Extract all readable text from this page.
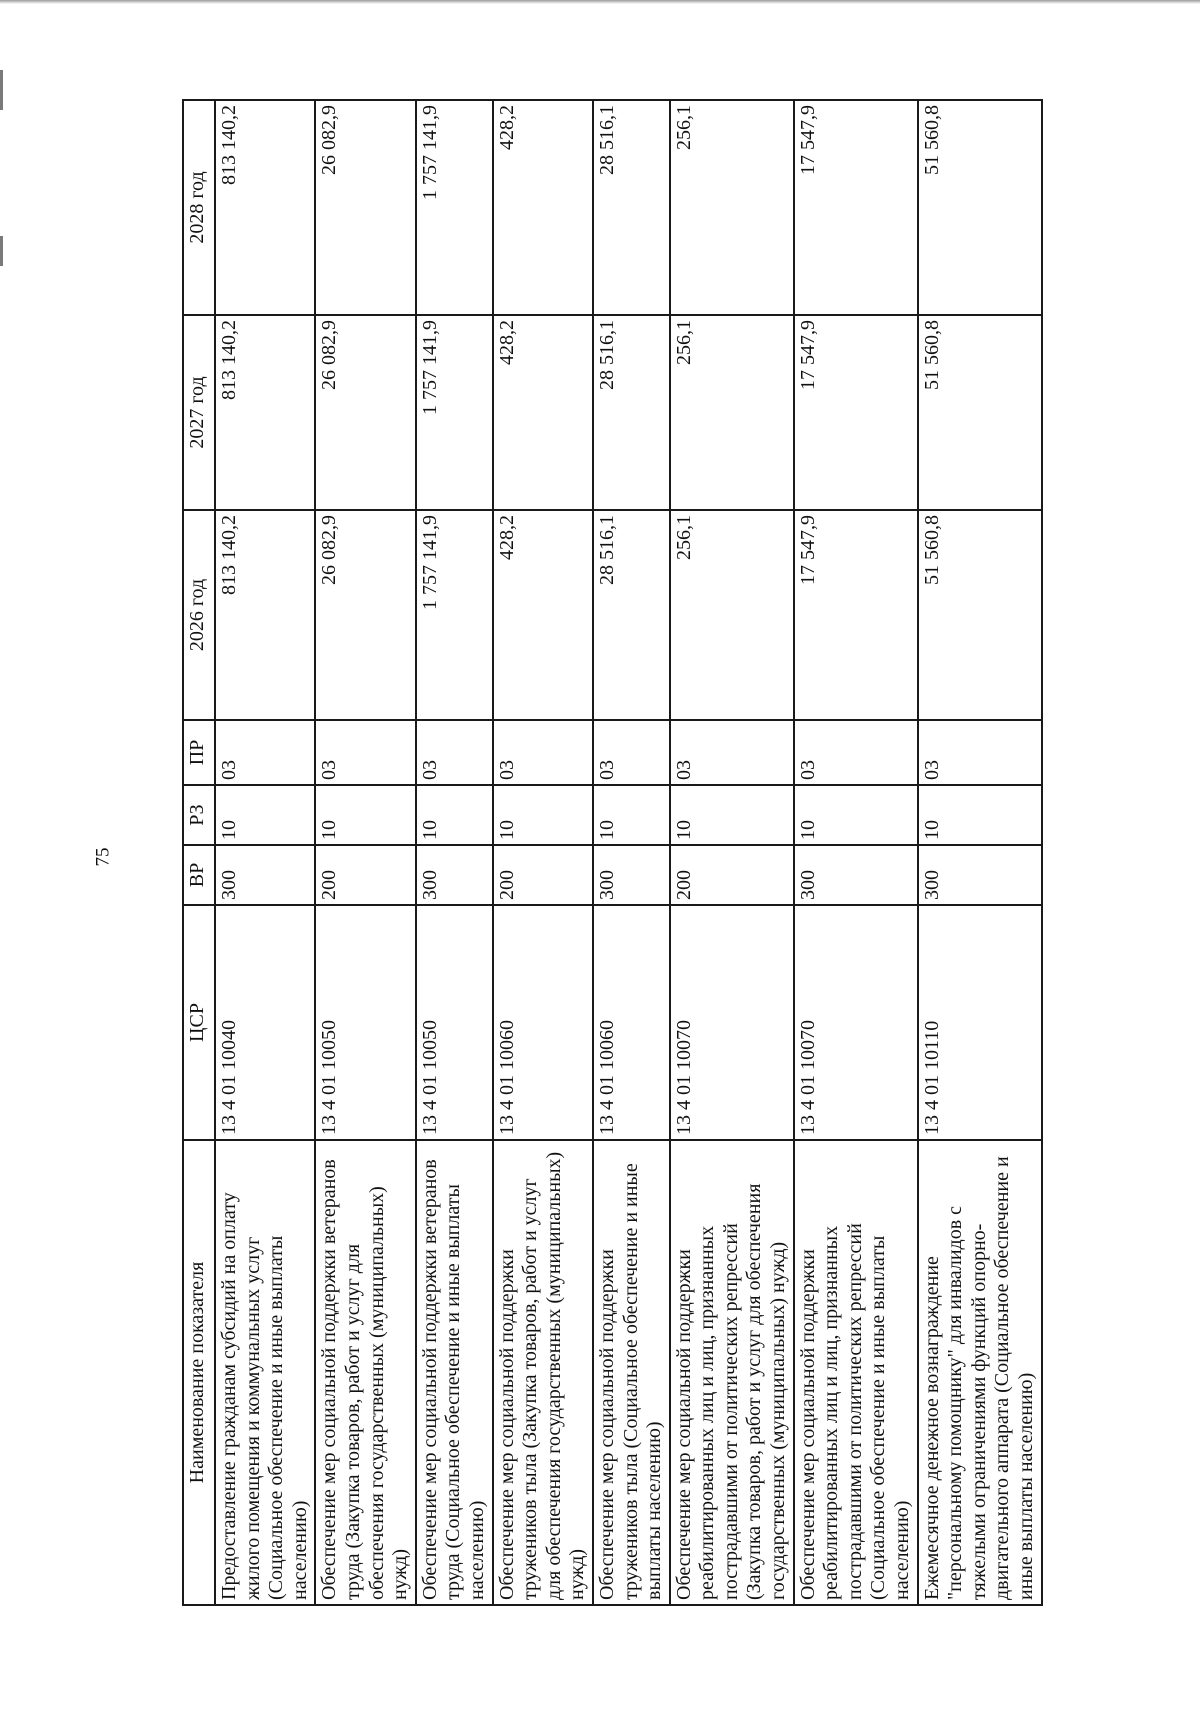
75
Наименование показателя	ЦСР	ВР	РЗ	ПР	2026 год	2027 год	2028 год
Предоставление гражданам субсидий на оплату жилого помещения и коммунальных услуг (Социальное обеспечение и иные выплаты населению)	13 4 01 10040	300	10	03	813 140,2	813 140,2	813 140,2
Обеспечение мер социальной поддержки ветеранов труда (Закупка товаров, работ и услуг для обеспечения государственных (муниципальных) нужд)	13 4 01 10050	200	10	03	26 082,9	26 082,9	26 082,9
Обеспечение мер социальной поддержки ветеранов труда (Социальное обеспечение и иные выплаты населению)	13 4 01 10050	300	10	03	1 757 141,9	1 757 141,9	1 757 141,9
Обеспечение мер социальной поддержки тружеников тыла (Закупка товаров, работ и услуг для обеспечения государственных (муниципальных) нужд)	13 4 01 10060	200	10	03	428,2	428,2	428,2
Обеспечение мер социальной поддержки тружеников тыла (Социальное обеспечение и иные выплаты населению)	13 4 01 10060	300	10	03	28 516,1	28 516,1	28 516,1
Обеспечение мер социальной поддержки реабилитированных лиц и лиц, признанных пострадавшими от политических репрессий (Закупка товаров, работ и услуг для обеспечения государственных (муниципальных) нужд)	13 4 01 10070	200	10	03	256,1	256,1	256,1
Обеспечение мер социальной поддержки реабилитированных лиц и лиц, признанных пострадавшими от политических репрессий (Социальное обеспечение и иные выплаты населению)	13 4 01 10070	300	10	03	17 547,9	17 547,9	17 547,9
Ежемесячное денежное вознаграждение "персональному помощнику" для инвалидов с тяжелыми ограничениями функций опорно-двигательного аппарата (Социальное обеспечение и иные выплаты населению)	13 4 01 10110	300	10	03	51 560,8	51 560,8	51 560,8
